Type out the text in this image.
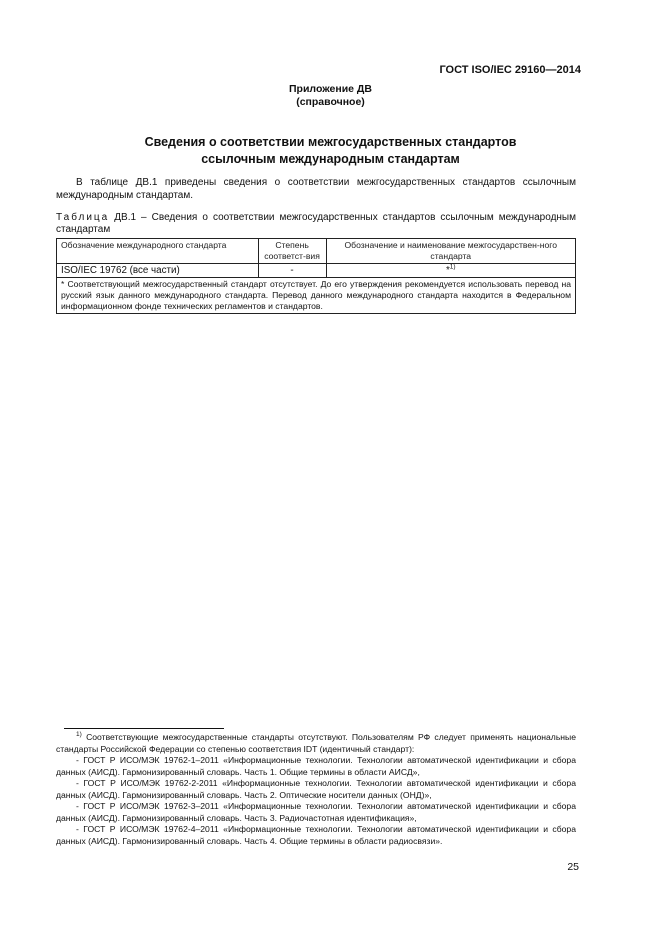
ГОСТ ISO/IEC 29160—2014
Приложение ДВ
(справочное)
Сведения о соответствии межгосударственных стандартов
ссылочным международным стандартам
В таблице ДВ.1 приведены сведения о соответствии межгосударственных стандартов ссылочным международным стандартам.
Таблица ДВ.1 – Сведения о соответствии межгосударственных стандартов ссылочным международным стандартам
Обозначение международного стандарта	Степень соответст-вия	Обозначение и наименование межгосударствен-ного стандарта
ISO/IEC 19762 (все части)	-	*$^{1)}$
* Соответствующий межгосударственный стандарт отсутствует. До его утверждения рекомендуется использовать перевод на русский язык данного международного стандарта. Перевод данного международного стандарта находится в Федеральном информационном фонде технических регламентов и стандартов.

$^{1)}$ Соответствующие межгосударственные стандарты отсутствуют. Пользователям РФ следует применять национальные стандарты Российской Федерации со степенью соответствия IDT (идентичный стандарт):

- ГОСТ Р ИСО/МЭК 19762-1–2011 «Информационные технологии. Технологии автоматической идентификации и сбора данных (АИСД). Гармонизированный словарь. Часть 1. Общие термины в области АИСД»,

- ГОСТ Р ИСО/МЭК 19762-2-2011 «Информационные технологии. Технологии автоматической идентификации и сбора данных (АИСД). Гармонизированный словарь. Часть 2. Оптические носители данных (ОНД)»,

- ГОСТ Р ИСО/МЭК 19762-3–2011 «Информационные технологии. Технологии автоматической идентификации и сбора данных (АИСД). Гармонизированный словарь. Часть 3. Радиочастотная идентификация»,

- ГОСТ Р ИСО/МЭК 19762-4–2011 «Информационные технологии. Технологии автоматической идентификации и сбора данных (АИСД). Гармонизированный словарь. Часть 4. Общие термины в области радиосвязи».

25
